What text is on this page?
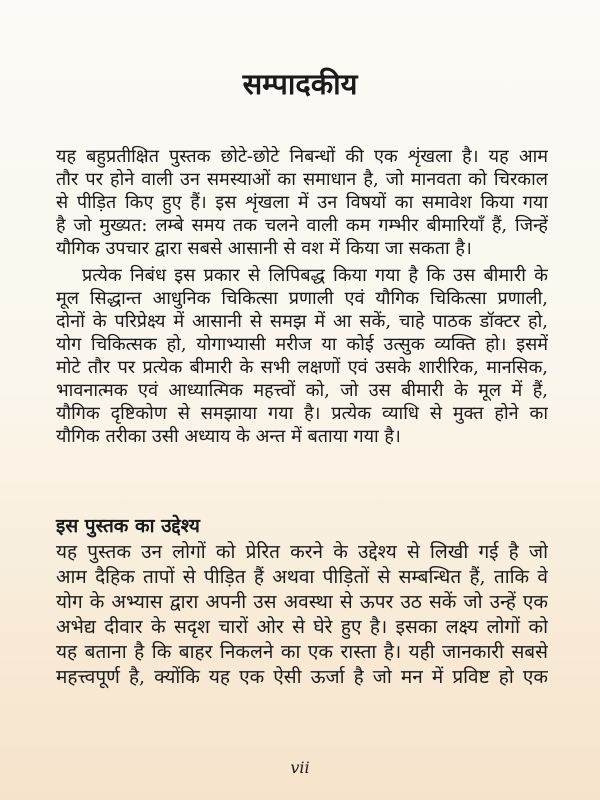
सम्पादकीय
यह बहुप्रतीक्षित पुस्तक छोटे-छोटे निबन्धों की एक शृंखला है। यह आम
तौर पर होने वाली उन समस्याओं का समाधान है, जो मानवता को चिरकाल
से पीड़ित किए हुए हैं। इस शृंखला में उन विषयों का समावेश किया गया
है जो मुख्यत: लम्बे समय तक चलने वाली कम गम्भीर बीमारियाँ हैं, जिन्हें
यौगिक उपचार द्वारा सबसे आसानी से वश में किया जा सकता है।
प्रत्येक निबंध इस प्रकार से लिपिबद्ध किया गया है कि उस बीमारी के
मूल सिद्धान्त आधुनिक चिकित्सा प्रणाली एवं यौगिक चिकित्सा प्रणाली,
दोनों के परिप्रेक्ष्य में आसानी से समझ में आ सकें, चाहे पाठक डॉक्टर हो,
योग चिकित्सक हो, योगाभ्यासी मरीज या कोई उत्सुक व्यक्ति हो। इसमें
मोटे तौर पर प्रत्येक बीमारी के सभी लक्षणों एवं उसके शारीरिक, मानसिक,
भावनात्मक एवं आध्यात्मिक महत्त्वों को, जो उस बीमारी के मूल में हैं,
यौगिक दृष्टिकोण से समझाया गया है। प्रत्येक व्याधि से मुक्त होने का
यौगिक तरीका उसी अध्याय के अन्त में बताया गया है।
इस पुस्तक का उद्देश्य
यह पुस्तक उन लोगों को प्रेरित करने के उद्देश्य से लिखी गई है जो
आम दैहिक तापों से पीड़ित हैं अथवा पीड़ितों से सम्बन्धित हैं, ताकि वे
योग के अभ्यास द्वारा अपनी उस अवस्था से ऊपर उठ सकें जो उन्हें एक
अभेद्य दीवार के सदृश चारों ओर से घेरे हुए है। इसका लक्ष्य लोगों को
यह बताना है कि बाहर निकलने का एक रास्ता है। यही जानकारी सबसे
महत्त्वपूर्ण है, क्योंकि यह एक ऐसी ऊर्जा है जो मन में प्रविष्ट हो एक
vii
